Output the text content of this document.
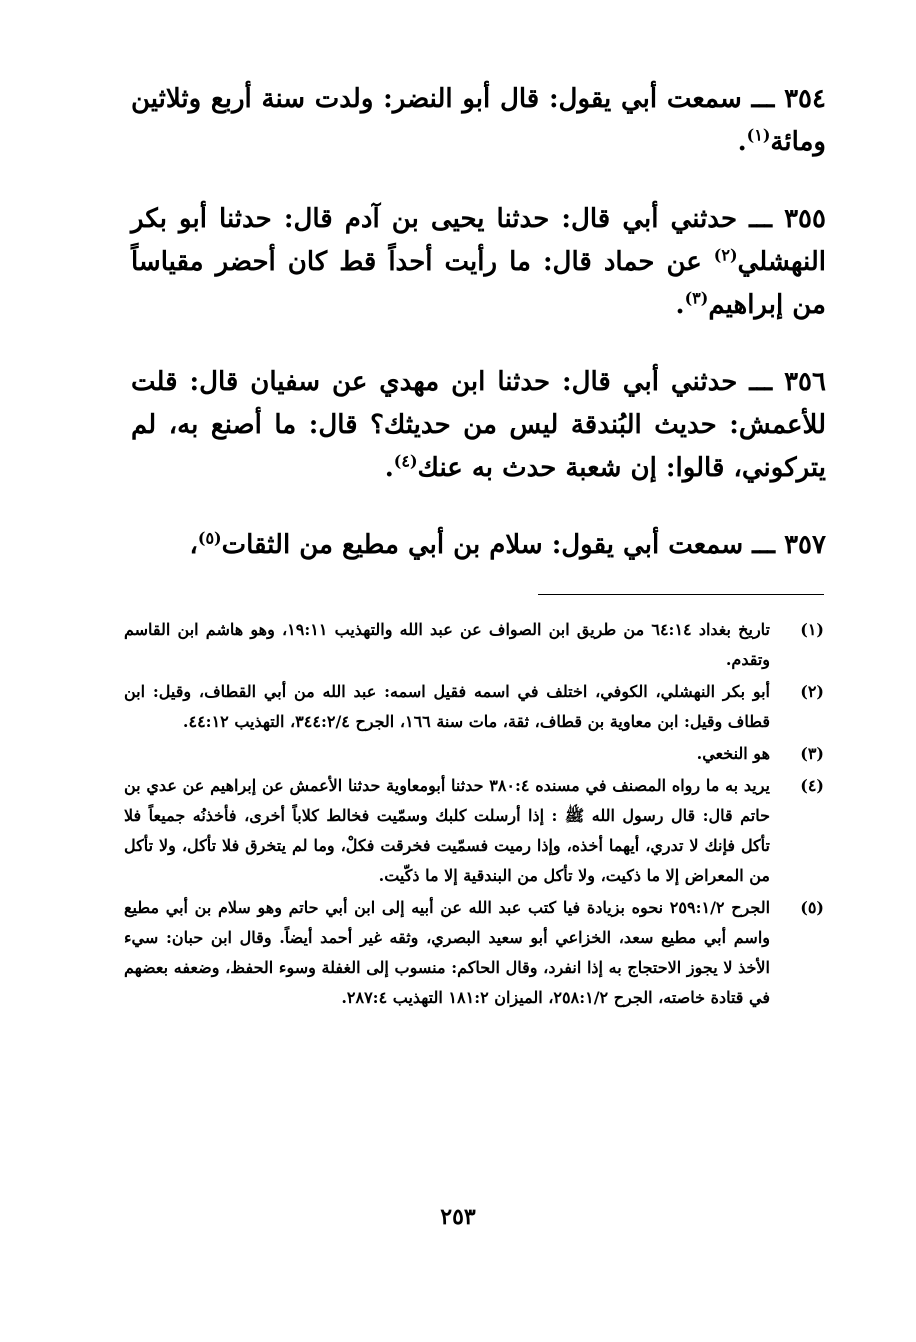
٣٥٤ ـــ سمعت أبي يقول: قال أبو النضر: ولدت سنة أربع وثلاثين ومائة$^{(١)}$.

٣٥٥ ـــ حدثني أبي قال: حدثنا يحيى بن آدم قال: حدثنا أبو بكر النهشلي$^{(٢)}$ عن حماد قال: ما رأيت أحداً قط كان أحضر مقياساً من إبراهيم$^{(٣)}$.

٣٥٦ ـــ حدثني أبي قال: حدثنا ابن مهدي عن سفيان قال: قلت للأعمش: حديث البُندقة ليس من حديثك؟ قال: ما أصنع به، لم يتركوني، قالوا: إن شعبة حدث به عنك$^{(٤)}$.

٣٥٧ ـــ سمعت أبي يقول: سلام بن أبي مطيع من الثقات$^{(٥)}$،

(١)
تاريخ بغداد ٦٤:١٤ من طريق ابن الصواف عن عبد الله والتهذيب ١٩:١١، وهو هاشم ابن القاسم وتقدم.
(٢)
أبو بكر النهشلي، الكوفي، اختلف في اسمه فقيل اسمه: عبد الله من أبي القطاف، وقيل: ابن قطاف وقيل: ابن معاوية بن قطاف، ثقة، مات سنة ١٦٦، الجرح ٣٤٤:٢/٤، التهذيب ٤٤:١٢.
(٣)
هو النخعي.
(٤)
يريد به ما رواه المصنف في مسنده ٣٨٠:٤ حدثنا أبومعاوية حدثنا الأعمش عن إبراهيم عن عدي بن حاتم قال: قال رسول الله ﷺ : إذا أرسلت كلبك وسمّيت فخالط كلاباً أخرى، فأخذنُه جميعاً فلا تأكل فإنك لا تدري، أيهما أخذه، وإذا رميت فسمّيت فخرقت فكلْ، وما لم يتخرق فلا تأكل، ولا تأكل من المعراض إلا ما ذكيت، ولا تأكل من البندقية إلا ما ذكّيت.
(٥)
الجرح ٢٥٩:١/٢ نحوه بزيادة فيا كتب عبد الله عن أبيه إلى ابن أبي حاتم وهو سلام بن أبي مطيع واسم أبي مطيع سعد، الخزاعي أبو سعيد البصري، وثقه غير أحمد أيضاً. وقال ابن حبان: سيء الأخذ لا يجوز الاحتجاج به إذا انفرد، وقال الحاكم: منسوب إلى الغفلة وسوء الحفظ، وضعفه بعضهم في قتادة خاصته، الجرح ٢٥٨:١/٢، الميزان ١٨١:٢ التهذيب ٢٨٧:٤.
٢٥٣
